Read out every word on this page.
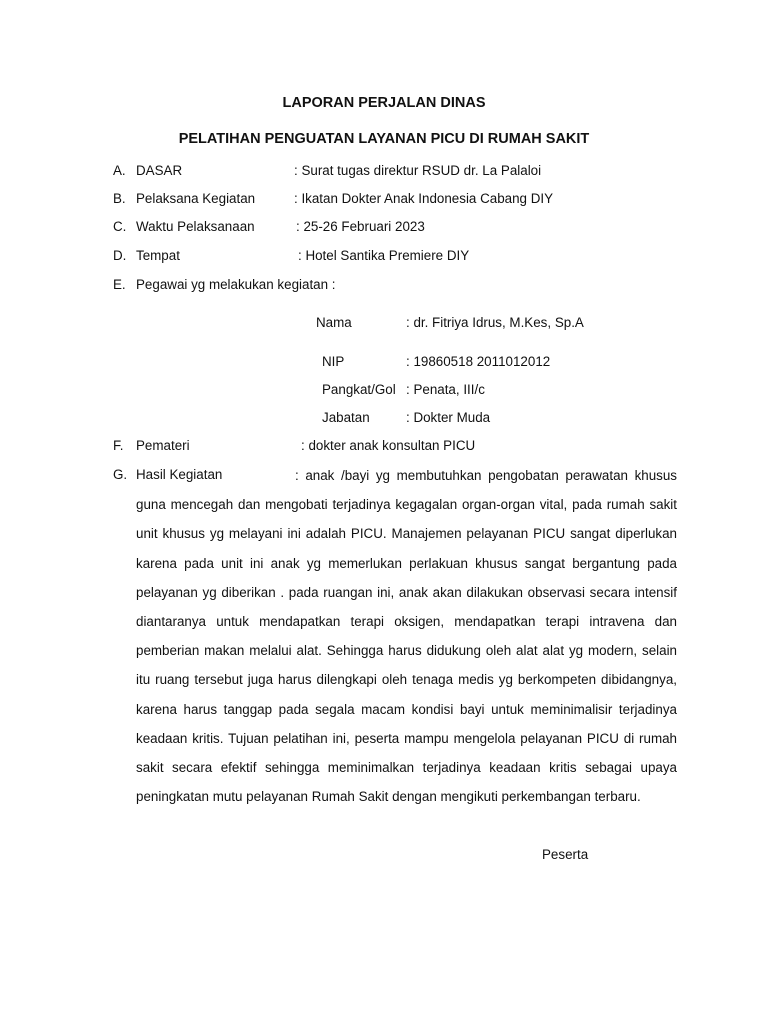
LAPORAN PERJALAN DINAS
PELATIHAN PENGUATAN LAYANAN PICU DI RUMAH SAKIT
A. DASAR	: Surat tugas direktur RSUD dr. La Palaloi
B. Pelaksana Kegiatan	: Ikatan Dokter Anak Indonesia Cabang DIY
C. Waktu Pelaksanaan	: 25-26 Februari 2023
D. Tempat	: Hotel Santika Premiere DIY
E. Pegawai yg melakukan kegiatan :
Nama	: dr. Fitriya Idrus, M.Kes, Sp.A
NIP	: 19860518 2011012012
Pangkat/Gol : Penata, III/c
Jabatan	: Dokter Muda
F. Pemateri	: dokter anak konsultan PICU
G. Hasil Kegiatan	: anak /bayi yg membutuhkan pengobatan perawatan khusus guna mencegah dan mengobati terjadinya kegagalan organ-organ vital, pada rumah sakit unit khusus yg melayani ini adalah PICU. Manajemen pelayanan PICU sangat diperlukan karena pada unit ini anak yg memerlukan perlakuan khusus sangat bergantung pada pelayanan yg diberikan . pada ruangan ini, anak akan dilakukan observasi secara intensif diantaranya untuk mendapatkan terapi oksigen, mendapatkan terapi intravena dan pemberian makan melalui alat. Sehingga harus didukung oleh alat alat yg modern, selain itu ruang tersebut juga harus dilengkapi oleh tenaga medis yg berkompeten dibidangnya, karena harus tanggap pada segala macam kondisi bayi untuk meminimalisir terjadinya keadaan kritis. Tujuan pelatihan ini, peserta mampu mengelola pelayanan PICU di rumah sakit secara efektif sehingga meminimalkan terjadinya keadaan kritis sebagai upaya peningkatan mutu pelayanan Rumah Sakit dengan mengikuti perkembangan terbaru.

Peserta
